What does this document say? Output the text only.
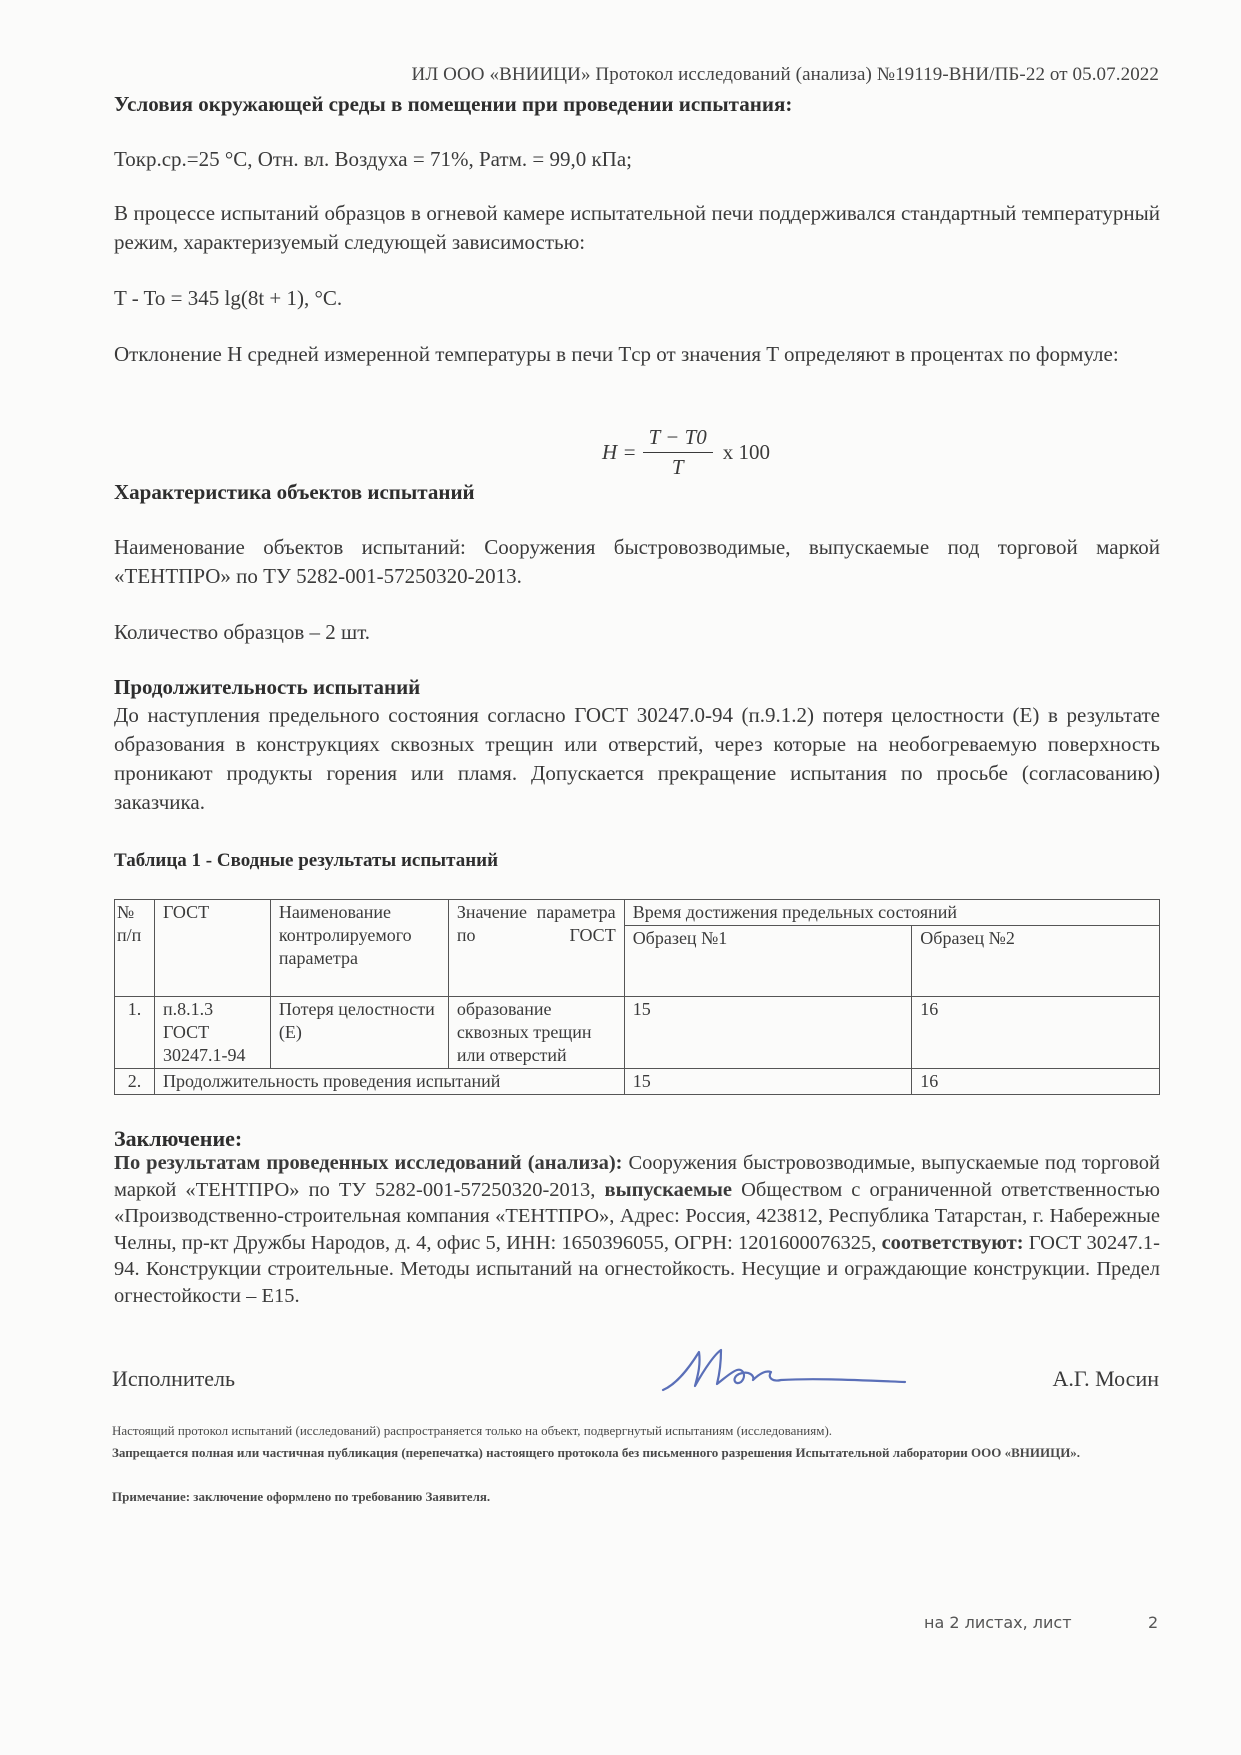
ИЛ ООО «ВНИИЦИ» Протокол исследований (анализа) №19119-ВНИ/ПБ-22 от 05.07.2022
Условия окружающей среды в помещении при проведении испытания:
Токр.ср.=25 °С, Отн. вл. Воздуха = 71%, Pатм. = 99,0 кПа;
В процессе испытаний образцов в огневой камере испытательной печи поддерживался стандартный температурный режим, характеризуемый следующей зависимостью:
T - To = 345 lg(8t + 1), °C.
Отклонение Н средней измеренной температуры в печи Tср от значения T определяют в процентах по формуле:
$H = \frac{T - T0}{T}$ x 100
Характеристика объектов испытаний
Наименование объектов испытаний: Сооружения быстровозводимые, выпускаемые под торговой маркой «ТЕНТПРО» по ТУ 5282-001-57250320-2013.
Количество образцов – 2 шт.
Продолжительность испытаний
До наступления предельного состояния согласно ГОСТ 30247.0-94 (п.9.1.2) потеря целостности (Е) в результате образования в конструкциях сквозных трещин или отверстий, через которые на необогреваемую поверхность проникают продукты горения или пламя. Допускается прекращение испытания по просьбе (согласованию) заказчика.
Таблица 1 - Сводные результаты испытаний
№ п/п	ГОСТ	Наименование контролируемого параметра	Значение параметра по ГОСТ	Время достижения предельных состояний	
				Образец №1	Образец №2
1.	п.8.1.3 ГОСТ 30247.1-94	Потеря целостности (Е)	образование сквозных трещин или отверстий	15	16
2.	Продолжительность проведения испытаний			15	16
Заключение:
По результатам проведенных исследований (анализа): Сооружения быстровозводимые, выпускаемые под торговой маркой «ТЕНТПРО» по ТУ 5282-001-57250320-2013, выпускаемые Обществом с ограниченной ответственностью «Производственно-строительная компания «ТЕНТПРО», Адрес: Россия, 423812, Республика Татарстан, г. Набережные Челны, пр-кт Дружбы Народов, д. 4, офис 5, ИНН: 1650396055, ОГРН: 1201600076325, соответствуют: ГОСТ 30247.1-94. Конструкции строительные. Методы испытаний на огнестойкость. Несущие и ограждающие конструкции. Предел огнестойкости – Е15.
Исполнитель	А.Г. Мосин
Настоящий протокол испытаний (исследований) распространяется только на объект, подвергнутый испытаниям (исследованиям).
Запрещается полная или частичная публикация (перепечатка) настоящего протокола без письменного разрешения Испытательной лаборатории ООО «ВНИИЦИ».
Примечание: заключение оформлено по требованию Заявителя.
на 2 листах, лист	2
